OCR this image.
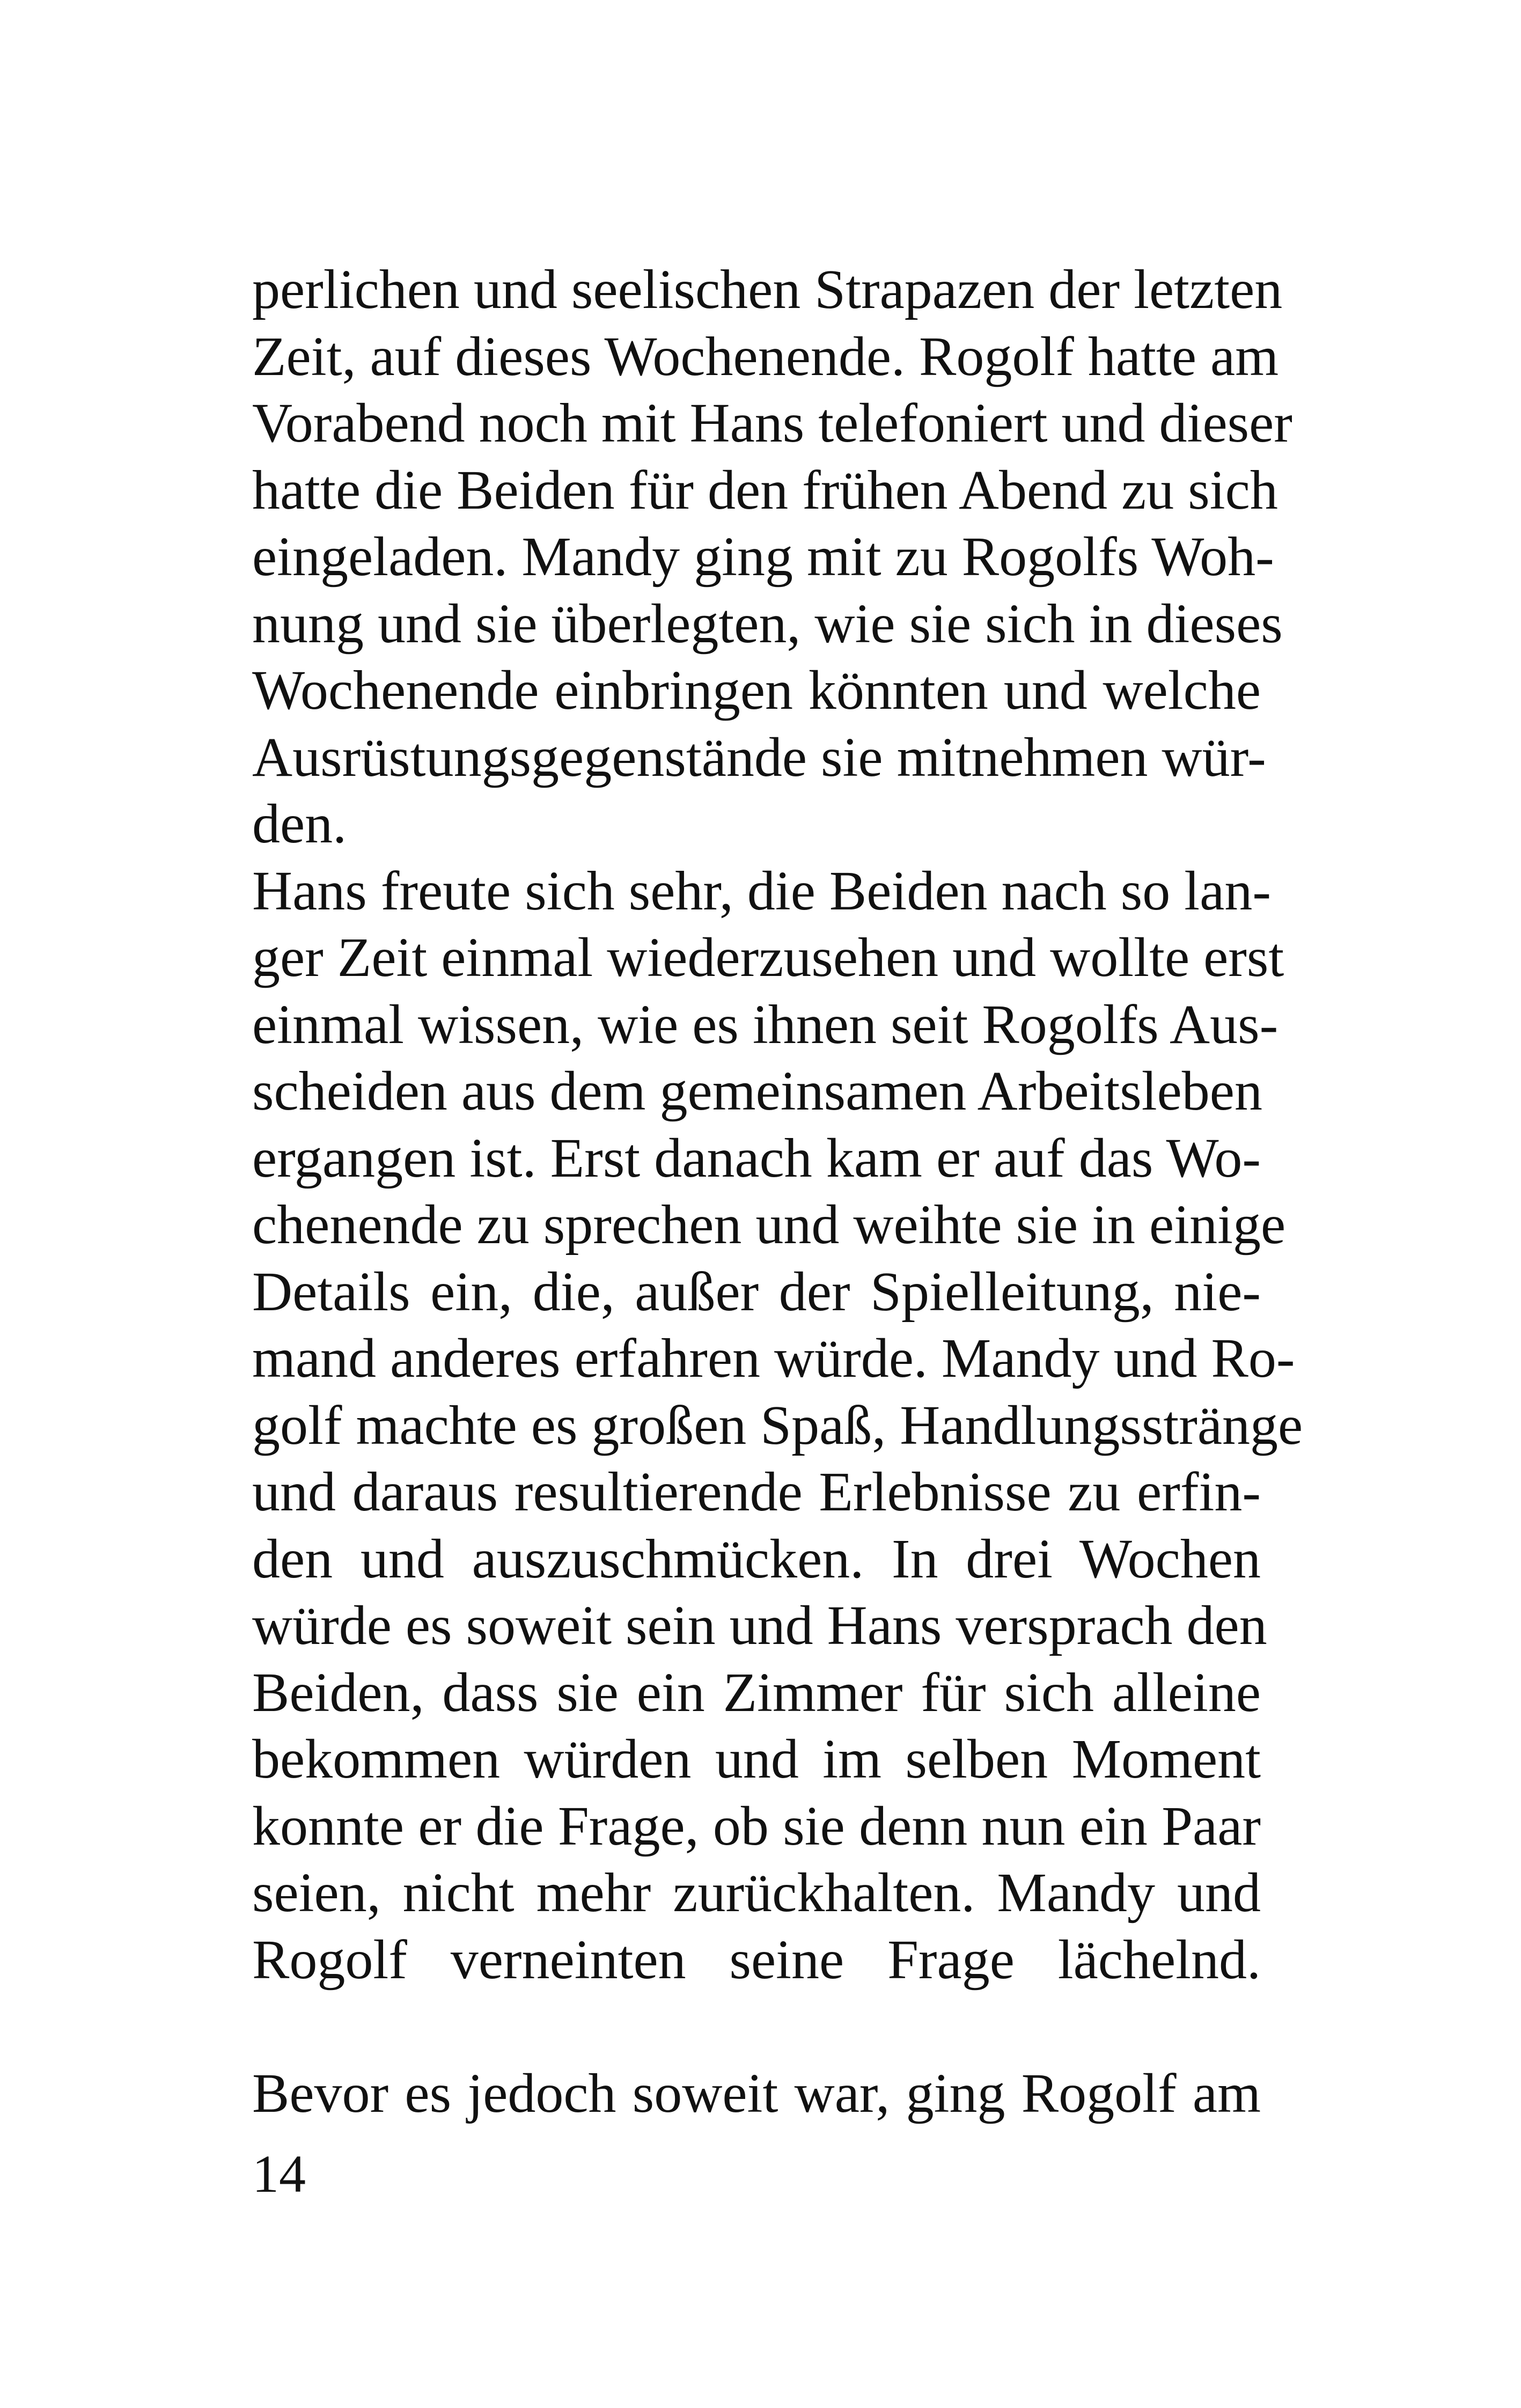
perlichen und seelischen Strapazen der letzten
Zeit, auf dieses Wochenende. Rogolf hatte am
Vorabend noch mit Hans telefoniert und dieser
hatte die Beiden für den frühen Abend zu sich
eingeladen. Mandy ging mit zu Rogolfs Woh-
nung und sie überlegten, wie sie sich in dieses
Wochenende einbringen könnten und welche
Ausrüstungsgegenstände sie mitnehmen wür-
den.
Hans freute sich sehr, die Beiden nach so lan-
ger Zeit einmal wiederzusehen und wollte erst
einmal wissen, wie es ihnen seit Rogolfs Aus-
scheiden aus dem gemeinsamen Arbeitsleben
ergangen ist. Erst danach kam er auf das Wo-
chenende zu sprechen und weihte sie in einige
Details ein, die, außer der Spielleitung, nie-
mand anderes erfahren würde. Mandy und Ro-
golf machte es großen Spaß, Handlungsstränge
und daraus resultierende Erlebnisse zu erfin-
den und auszuschmücken. In drei Wochen
würde es soweit sein und Hans versprach den
Beiden, dass sie ein Zimmer für sich alleine
bekommen würden und im selben Moment
konnte er die Frage, ob sie denn nun ein Paar
seien, nicht mehr zurückhalten. Mandy und
Rogolf verneinten seine Frage lächelnd.
Bevor es jedoch soweit war, ging Rogolf am
14
